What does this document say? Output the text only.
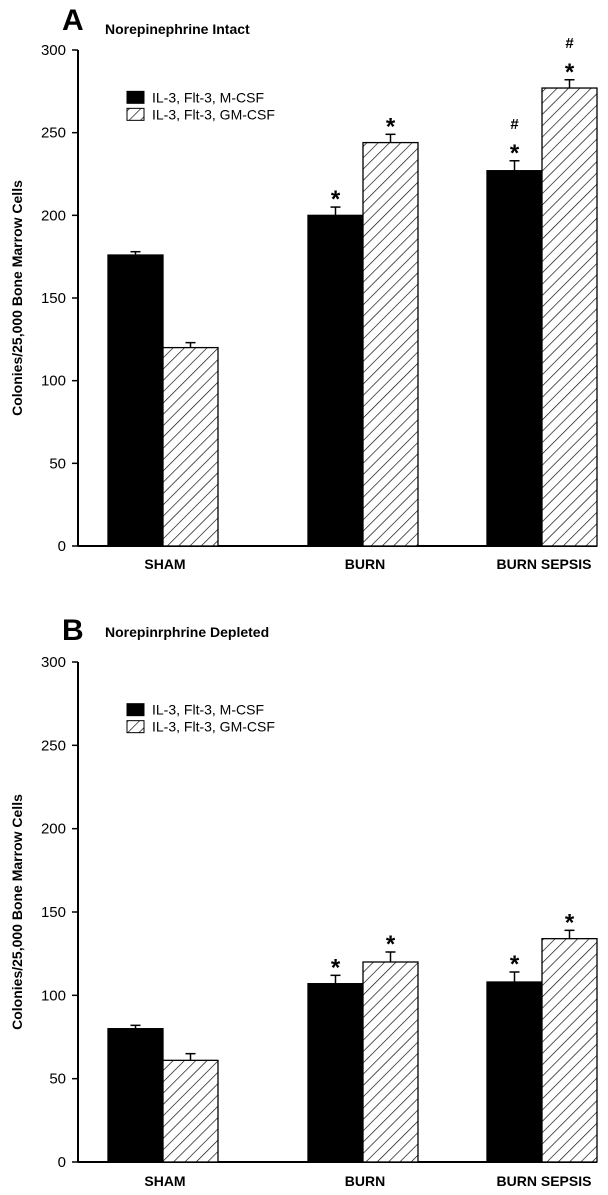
A Norepinephrine Intact
0
50
100
150
200
250
300
Colonies/25,000 Bone Marrow Cells
SHAM	BURN	BURN SEPSIS
*
*
*
#
*
#
IL-3, Flt-3, M-CSF
IL-3, Flt-3, GM-CSF
B Norepinrphrine Depleted
0
50
100
150
200
250
300
Colonies/25,000 Bone Marrow Cells
SHAM	BURN	BURN SEPSIS
*
*
*
*
IL-3, Flt-3, M-CSF
IL-3, Flt-3, GM-CSF
